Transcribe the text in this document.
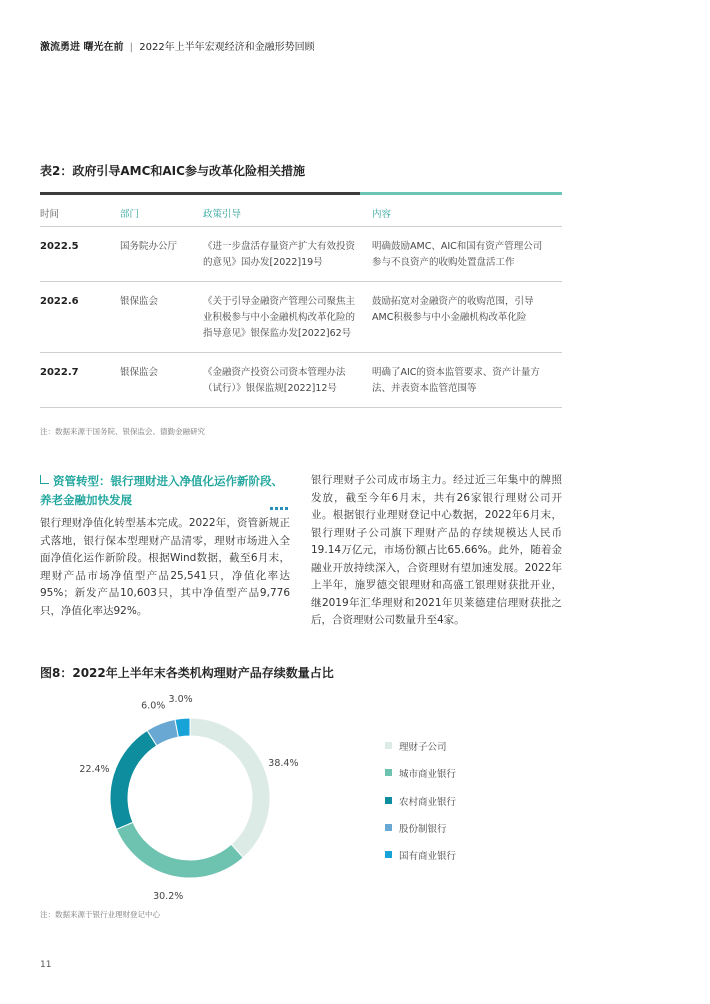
激流勇进 曙光在前 | 2022年上半年宏观经济和金融形势回顾
表2：政府引导AMC和AIC参与改革化险相关措施
时间	部门	政策引导	内容
2022.5	国务院办公厅	《进一步盘活存量资产扩大有效投资的意见》国办发[2022]19号	明确鼓励AMC、AIC和国有资产管理公司参与不良资产的收购处置盘活工作
2022.6	银保监会	《关于引导金融资产管理公司聚焦主业积极参与中小金融机构改革化险的指导意见》银保监办发[2022]62号	鼓励拓宽对金融资产的收购范围，引导AMC积极参与中小金融机构改革化险
2022.7	银保监会	《金融资产投资公司资本管理办法（试行）》银保监规[2022]12号	明确了AIC的资本监管要求、资产计量方法、并表资本监管范围等
注：数据来源于国务院、银保监会、德勤金融研究
资管转型：银行理财进入净值化运作新阶段、养老金融加快发展
银行理财净值化转型基本完成。2022年，资管新规正式落地，银行保本型理财产品清零，理财市场进入全面净值化运作新阶段。根据Wind数据，截至6月末，理财产品市场净值型产品25,541只，净值化率达95%；新发产品10,603只，其中净值型产品9,776只，净值化率达92%。
银行理财子公司成市场主力。经过近三年集中的牌照发放，截至今年6月末，共有26家银行理财公司开业。根据银行业理财登记中心数据，2022年6月末，银行理财子公司旗下理财产品的存续规模达人民币19.14万亿元，市场份额占比65.66%。此外，随着金融业开放持续深入，合资理财有望加速发展。2022年上半年，施罗德交银理财和高盛工银理财获批开业，继2019年汇华理财和2021年贝莱德建信理财获批之后，合资理财公司数量升至4家。
图8：2022年上半年末各类机构理财产品存续数量占比
38.4%
30.2%
22.4%
6.0%
3.0%
理财子公司
城市商业银行
农村商业银行
股份制银行
国有商业银行
注：数据来源于银行业理财登记中心
11
